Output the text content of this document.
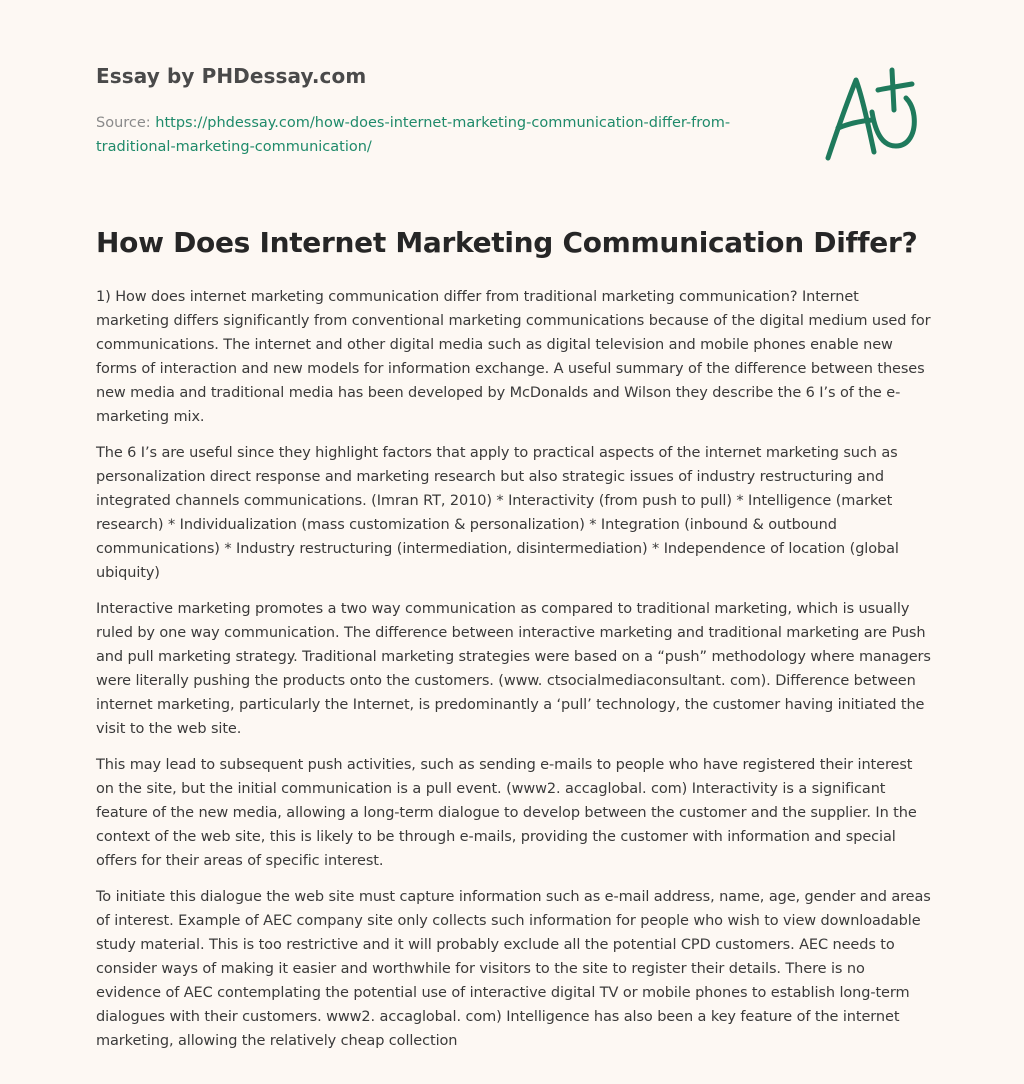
Essay by PHDessay.com

Source: https://phdessay.com/how-does-internet-marketing-communication-differ-from-traditional-marketing-communication/

How Does Internet Marketing Communication Differ?

1) How does internet marketing communication differ from traditional marketing communication? Internet marketing differs significantly from conventional marketing communications because of the digital medium used for communications. The internet and other digital media such as digital television and mobile phones enable new forms of interaction and new models for information exchange. A useful summary of the difference between theses new media and traditional media has been developed by McDonalds and Wilson they describe the 6 I’s of the e-marketing mix.

The 6 I’s are useful since they highlight factors that apply to practical aspects of the internet marketing such as personalization direct response and marketing research but also strategic issues of industry restructuring and integrated channels communications. (Imran RT, 2010) * Interactivity (from push to pull) * Intelligence (market research) * Individualization (mass customization & personalization) * Integration (inbound & outbound communications) * Industry restructuring (intermediation, disintermediation) * Independence of location (global ubiquity)

Interactive marketing promotes a two way communication as compared to traditional marketing, which is usually ruled by one way communication. The difference between interactive marketing and traditional marketing are Push and pull marketing strategy. Traditional marketing strategies were based on a “push” methodology where managers were literally pushing the products onto the customers. (www. ctsocialmediaconsultant. com). Difference between internet marketing, particularly the Internet, is predominantly a ‘pull’ technology, the customer having initiated the visit to the web site.

This may lead to subsequent push activities, such as sending e-mails to people who have registered their interest on the site, but the initial communication is a pull event. (www2. accaglobal. com) Interactivity is a significant feature of the new media, allowing a long-term dialogue to develop between the customer and the supplier. In the context of the web site, this is likely to be through e-mails, providing the customer with information and special offers for their areas of specific interest.

To initiate this dialogue the web site must capture information such as e-mail address, name, age, gender and areas of interest. Example of AEC company site only collects such information for people who wish to view downloadable study material. This is too restrictive and it will probably exclude all the potential CPD customers. AEC needs to consider ways of making it easier and worthwhile for visitors to the site to register their details. There is no evidence of AEC contemplating the potential use of interactive digital TV or mobile phones to establish long-term dialogues with their customers. www2. accaglobal. com) Intelligence has also been a key feature of the internet marketing, allowing the relatively cheap collection
